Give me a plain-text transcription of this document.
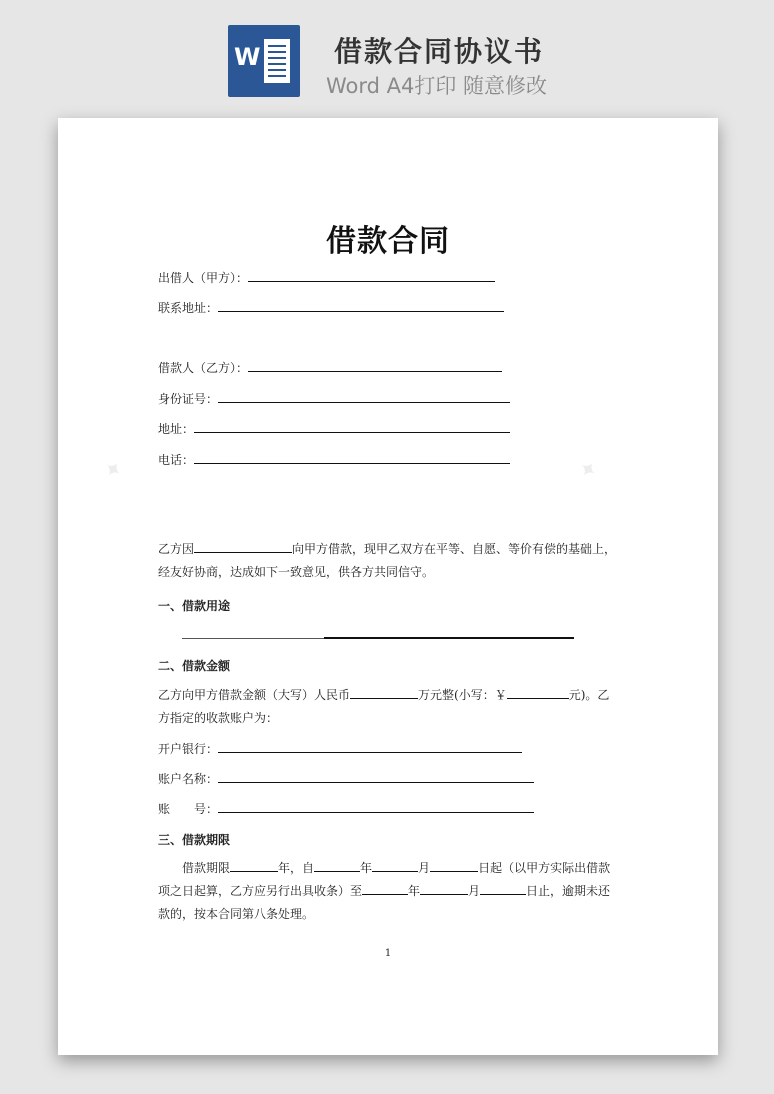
W	借款合同协议书
Word A4打印 随意修改
✦	✦
借款合同
出借人（甲方）：
联系地址：
借款人（乙方）：
身份证号：
地址：
电话：
乙方因	向甲方借款，现甲乙双方在平等、自愿、等价有偿的基础上，经友好协商，达成如下一致意见，供各方共同信守。
一、借款用途
二、借款金额
乙方向甲方借款金额（大写）人民币	万元整(小写：￥	元)。乙方指定的收款账户为：
开户银行：
账户名称：
账　　号：
三、借款期限
借款期限	年，自	年	月	日起（以甲方实际出借款项之日起算，乙方应另行出具收条）至	年	月	日止，逾期未还款的，按本合同第八条处理。
1
